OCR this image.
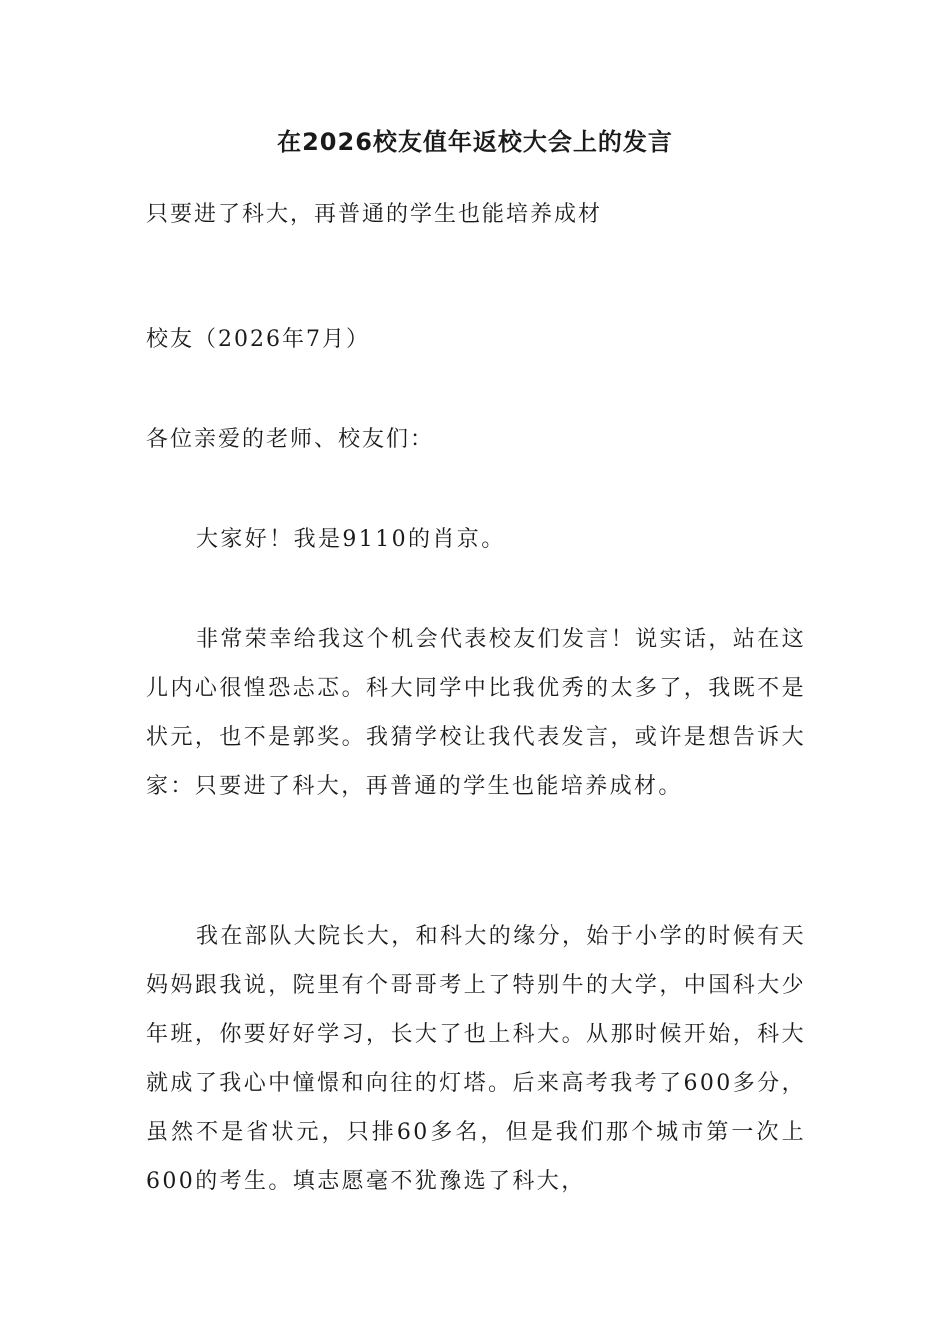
在2026校友值年返校大会上的发言
只要进了科大，再普通的学生也能培养成材
校友（2026年7月）
各位亲爱的老师、校友们：
大家好！我是9110的肖京。
非常荣幸给我这个机会代表校友们发言！说实话，站在这儿内心很惶恐忐忑。科大同学中比我优秀的太多了，我既不是状元，也不是郭奖。我猜学校让我代表发言，或许是想告诉大家：只要进了科大，再普通的学生也能培养成材。
我在部队大院长大，和科大的缘分，始于小学的时候有天妈妈跟我说，院里有个哥哥考上了特别牛的大学，中国科大少年班，你要好好学习，长大了也上科大。从那时候开始，科大就成了我心中憧憬和向往的灯塔。后来高考我考了600多分，虽然不是省状元，只排60多名，但是我们那个城市第一次上600的考生。填志愿毫不犹豫选了科大，
